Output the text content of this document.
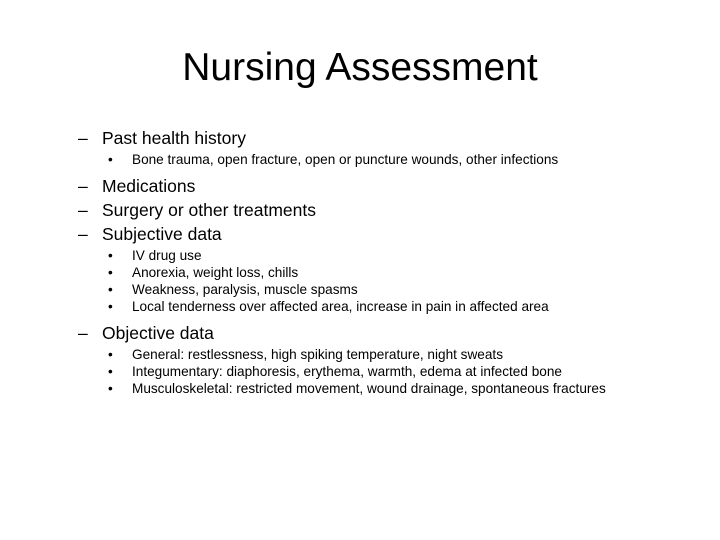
Nursing Assessment
– Past health history
• Bone trauma, open fracture, open or puncture wounds, other infections
– Medications
– Surgery or other treatments
– Subjective data
• IV drug use
• Anorexia, weight loss, chills
• Weakness, paralysis, muscle spasms
• Local tenderness over affected area, increase in pain in affected area
– Objective data
• General: restlessness, high spiking temperature, night sweats
• Integumentary: diaphoresis, erythema, warmth, edema at infected bone
• Musculoskeletal: restricted movement, wound drainage, spontaneous fractures
